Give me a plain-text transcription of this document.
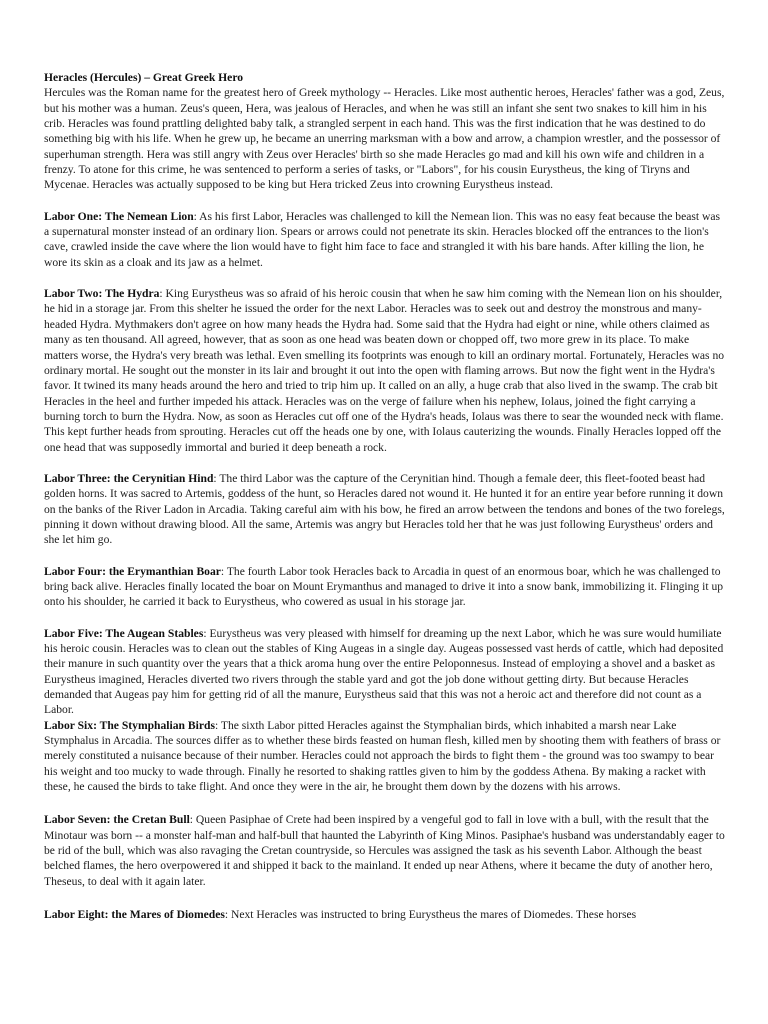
Heracles (Hercules) – Great Greek Hero
Hercules was the Roman name for the greatest hero of Greek mythology -- Heracles. Like most authentic heroes, Heracles' father was a god, Zeus, but his mother was a human. Zeus's queen, Hera, was jealous of Heracles, and when he was still an infant she sent two snakes to kill him in his crib. Heracles was found prattling delighted baby talk, a strangled serpent in each hand. This was the first indication that he was destined to do something big with his life. When he grew up, he became an unerring marksman with a bow and arrow, a champion wrestler, and the possessor of superhuman strength. Hera was still angry with Zeus over Heracles' birth so she made Heracles go mad and kill his own wife and children in a frenzy. To atone for this crime, he was sentenced to perform a series of tasks, or "Labors", for his cousin Eurystheus, the king of Tiryns and Mycenae. Heracles was actually supposed to be king but Hera tricked Zeus into crowning Eurystheus instead.

Labor One: The Nemean Lion: As his first Labor, Heracles was challenged to kill the Nemean lion. This was no easy feat because the beast was a supernatural monster instead of an ordinary lion. Spears or arrows could not penetrate its skin. Heracles blocked off the entrances to the lion's cave, crawled inside the cave where the lion would have to fight him face to face and strangled it with his bare hands. After killing the lion, he wore its skin as a cloak and its jaw as a helmet.

Labor Two: The Hydra: King Eurystheus was so afraid of his heroic cousin that when he saw him coming with the Nemean lion on his shoulder, he hid in a storage jar. From this shelter he issued the order for the next Labor. Heracles was to seek out and destroy the monstrous and many-headed Hydra. Mythmakers don't agree on how many heads the Hydra had. Some said that the Hydra had eight or nine, while others claimed as many as ten thousand. All agreed, however, that as soon as one head was beaten down or chopped off, two more grew in its place. To make matters worse, the Hydra's very breath was lethal. Even smelling its footprints was enough to kill an ordinary mortal. Fortunately, Heracles was no ordinary mortal. He sought out the monster in its lair and brought it out into the open with flaming arrows. But now the fight went in the Hydra's favor. It twined its many heads around the hero and tried to trip him up. It called on an ally, a huge crab that also lived in the swamp. The crab bit Heracles in the heel and further impeded his attack. Heracles was on the verge of failure when his nephew, Iolaus, joined the fight carrying a burning torch to burn the Hydra. Now, as soon as Heracles cut off one of the Hydra's heads, Iolaus was there to sear the wounded neck with flame. This kept further heads from sprouting. Heracles cut off the heads one by one, with Iolaus cauterizing the wounds. Finally Heracles lopped off the one head that was supposedly immortal and buried it deep beneath a rock.

Labor Three: the Cerynitian Hind: The third Labor was the capture of the Cerynitian hind. Though a female deer, this fleet-footed beast had golden horns. It was sacred to Artemis, goddess of the hunt, so Heracles dared not wound it. He hunted it for an entire year before running it down on the banks of the River Ladon in Arcadia. Taking careful aim with his bow, he fired an arrow between the tendons and bones of the two forelegs, pinning it down without drawing blood. All the same, Artemis was angry but Heracles told her that he was just following Eurystheus' orders and she let him go.

Labor Four: the Erymanthian Boar: The fourth Labor took Heracles back to Arcadia in quest of an enormous boar, which he was challenged to bring back alive. Heracles finally located the boar on Mount Erymanthus and managed to drive it into a snow bank, immobilizing it. Flinging it up onto his shoulder, he carried it back to Eurystheus, who cowered as usual in his storage jar.

Labor Five: The Augean Stables: Eurystheus was very pleased with himself for dreaming up the next Labor, which he was sure would humiliate his heroic cousin. Heracles was to clean out the stables of King Augeas in a single day. Augeas possessed vast herds of cattle, which had deposited their manure in such quantity over the years that a thick aroma hung over the entire Peloponnesus. Instead of employing a shovel and a basket as Eurystheus imagined, Heracles diverted two rivers through the stable yard and got the job done without getting dirty. But because Heracles demanded that Augeas pay him for getting rid of all the manure, Eurystheus said that this was not a heroic act and therefore did not count as a Labor.

Labor Six: The Stymphalian Birds: The sixth Labor pitted Heracles against the Stymphalian birds, which inhabited a marsh near Lake Stymphalus in Arcadia. The sources differ as to whether these birds feasted on human flesh, killed men by shooting them with feathers of brass or merely constituted a nuisance because of their number. Heracles could not approach the birds to fight them - the ground was too swampy to bear his weight and too mucky to wade through. Finally he resorted to shaking rattles given to him by the goddess Athena. By making a racket with these, he caused the birds to take flight. And once they were in the air, he brought them down by the dozens with his arrows.

Labor Seven: the Cretan Bull: Queen Pasiphae of Crete had been inspired by a vengeful god to fall in love with a bull, with the result that the Minotaur was born -- a monster half-man and half-bull that haunted the Labyrinth of King Minos. Pasiphae's husband was understandably eager to be rid of the bull, which was also ravaging the Cretan countryside, so Hercules was assigned the task as his seventh Labor. Although the beast belched flames, the hero overpowered it and shipped it back to the mainland. It ended up near Athens, where it became the duty of another hero, Theseus, to deal with it again later.

Labor Eight: the Mares of Diomedes: Next Heracles was instructed to bring Eurystheus the mares of Diomedes. These horses
